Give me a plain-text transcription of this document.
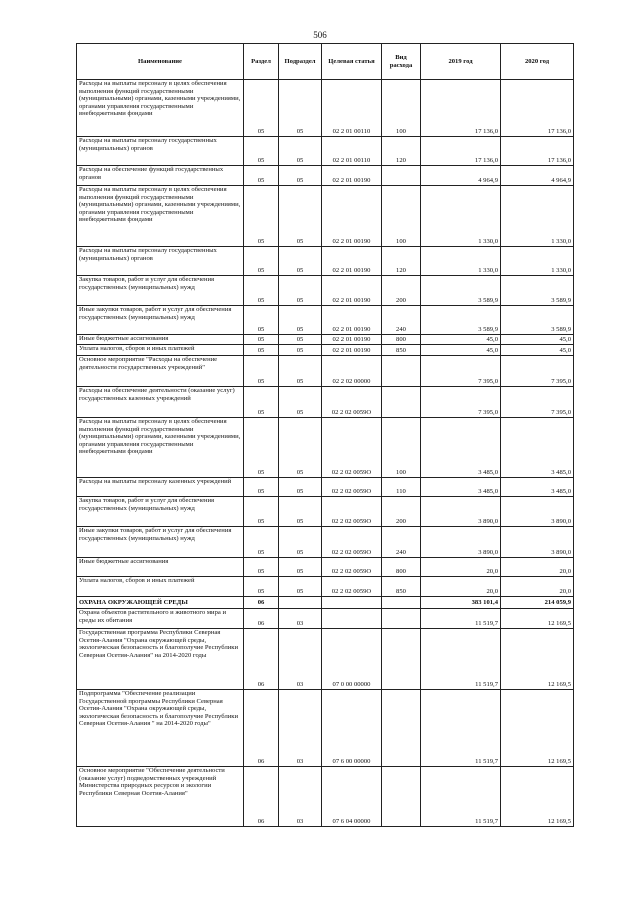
506
Наименование	Раздел	Подраздел	Целевая статья	Вид расхода	2019 год	2020 год
Расходы на выплаты персоналу в целях обеспечения выполнения функций государственными (муниципальными) органами, казенными учреждениями, органами управления государственными внебюджетными фондами	05	05	02 2 01 00110	100	17 136,0	17 136,0
Расходы на выплаты персоналу государственных (муниципальных) органов	05	05	02 2 01 00110	120	17 136,0	17 136,0
Расходы на обеспечение функций государственных органов	05	05	02 2 01 00190		4 964,9	4 964,9
Расходы на выплаты персоналу в целях обеспечения выполнения функций государственными (муниципальными) органами, казенными учреждениями, органами управления государственными внебюджетными фондами	05	05	02 2 01 00190	100	1 330,0	1 330,0
Расходы на выплаты персоналу государственных (муниципальных) органов	05	05	02 2 01 00190	120	1 330,0	1 330,0
Закупка товаров, работ и услуг для обеспечения государственных (муниципальных) нужд	05	05	02 2 01 00190	200	3 589,9	3 589,9
Иные закупки товаров, работ и услуг для обеспечения государственных (муниципальных) нужд	05	05	02 2 01 00190	240	3 589,9	3 589,9
Иные бюджетные ассигнования	05	05	02 2 01 00190	800	45,0	45,0
Уплата налогов, сборов и иных платежей	05	05	02 2 01 00190	850	45,0	45,0
Основное мероприятие "Расходы на обеспечение деятельности государственных учреждений"	05	05	02 2 02 00000		7 395,0	7 395,0
Расходы на обеспечение деятельности (оказание услуг) государственных казенных учреждений	05	05	02 2 02 0059О		7 395,0	7 395,0
Расходы на выплаты персоналу в целях обеспечения выполнения функций государственными (муниципальными) органами, казенными учреждениями, органами управления государственными внебюджетными фондами	05	05	02 2 02 0059О	100	3 485,0	3 485,0
Расходы на выплаты персоналу казенных учреждений	05	05	02 2 02 0059О	110	3 485,0	3 485,0
Закупка товаров, работ и услуг для обеспечения государственных (муниципальных) нужд	05	05	02 2 02 0059О	200	3 890,0	3 890,0
Иные закупки товаров, работ и услуг для обеспечения государственных (муниципальных) нужд	05	05	02 2 02 0059О	240	3 890,0	3 890,0
Иные бюджетные ассигнования	05	05	02 2 02 0059О	800	20,0	20,0
Уплата налогов, сборов и иных платежей	05	05	02 2 02 0059О	850	20,0	20,0
ОХРАНА ОКРУЖАЮЩЕЙ СРЕДЫ	06				383 101,4	214 059,9
Охрана объектов растительного и животного мира и среды их обитания	06	03			11 519,7	12 169,5
Государственная программа Республики Северная Осетия-Алания "Охрана окружающей среды, экологическая безопасность и благополучие Республики Северная Осетия-Алания" на 2014-2020 годы	06	03	07 0 00 00000		11 519,7	12 169,5
Подпрограмма "Обеспечение реализации Государственной программы Республики Северная Осетия-Алания "Охрана окружающей среды, экологическая безопасность и благополучие Республики Северная Осетия-Алания " на 2014-2020 годы"	06	03	07 6 00 00000		11 519,7	12 169,5
Основное мероприятие "Обеспечение деятельности (оказание услуг) подведомственных учреждений Министерства природных ресурсов и экологии Республики Северная Осетия-Алания"	06	03	07 6 04 00000		11 519,7	12 169,5
